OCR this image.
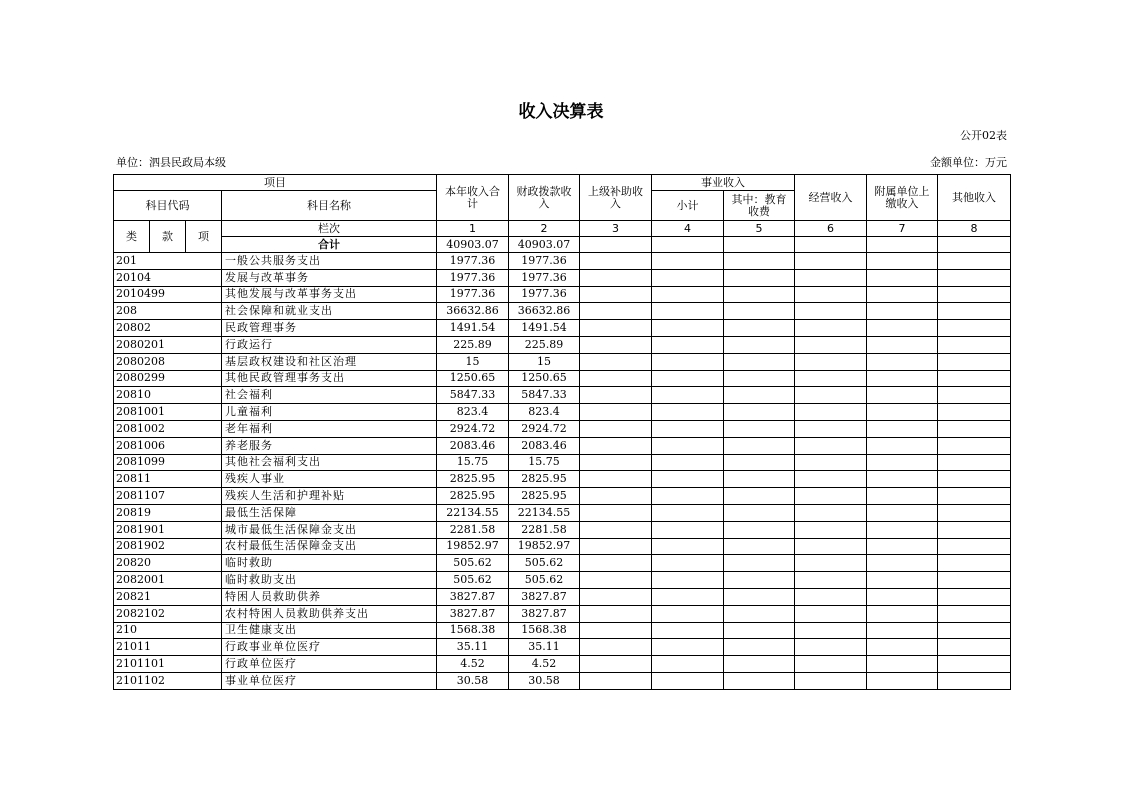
收入决算表
公开02表
单位：泗县民政局本级	金额单位：万元
项目				本年收入合计	财政拨款收入	上级补助收入	事业收入		经营收入	附属单位上缴收入	其他收入
科目代码			科目名称				小计	其中：教育收费			
类	款	项	栏次	1	2	3	4	5	6	7	8
			合计	40903.07	40903.07						
201			一般公共服务支出	1977.36	1977.36						
20104			发展与改革事务	1977.36	1977.36						
2010499			其他发展与改革事务支出	1977.36	1977.36						
208			社会保障和就业支出	36632.86	36632.86						
20802			民政管理事务	1491.54	1491.54						
2080201			行政运行	225.89	225.89						
2080208			基层政权建设和社区治理	15	15						
2080299			其他民政管理事务支出	1250.65	1250.65						
20810			社会福利	5847.33	5847.33						
2081001			儿童福利	823.4	823.4						
2081002			老年福利	2924.72	2924.72						
2081006			养老服务	2083.46	2083.46						
2081099			其他社会福利支出	15.75	15.75						
20811			残疾人事业	2825.95	2825.95						
2081107			残疾人生活和护理补贴	2825.95	2825.95						
20819			最低生活保障	22134.55	22134.55						
2081901			城市最低生活保障金支出	2281.58	2281.58						
2081902			农村最低生活保障金支出	19852.97	19852.97						
20820			临时救助	505.62	505.62						
2082001			临时救助支出	505.62	505.62						
20821			特困人员救助供养	3827.87	3827.87						
2082102			农村特困人员救助供养支出	3827.87	3827.87						
210			卫生健康支出	1568.38	1568.38						
21011			行政事业单位医疗	35.11	35.11						
2101101			行政单位医疗	4.52	4.52						
2101102			事业单位医疗	30.58	30.58						
